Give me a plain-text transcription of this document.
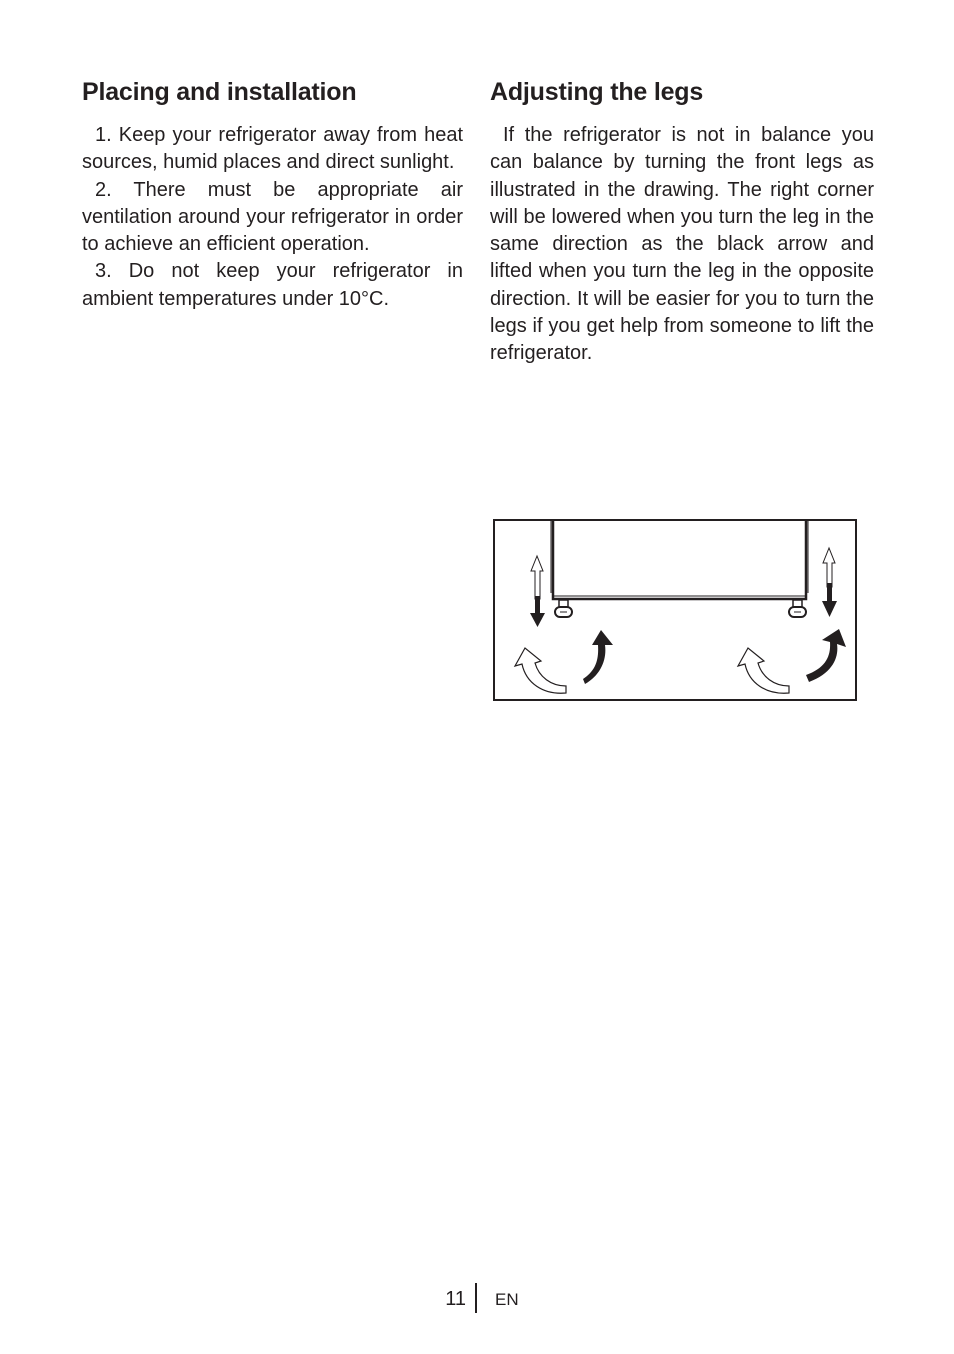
Placing and installation

1. Keep your refrigerator away from heat sources, humid places and direct sunlight.

2. There must be appropriate air ventilation around your refrigerator in order to achieve an efficient operation.

3. Do not keep your refrigerator in ambient temperatures under 10°C.

Adjusting the legs

If the refrigerator is not in balance you can balance by turning the front legs as illustrated in the drawing. The right corner will be lowered when you turn the leg in the same direction as the black arrow and lifted when you turn the leg in the opposite direction. It will be easier for you to turn the legs if you get help from someone to lift the refrigerator.

11 EN
